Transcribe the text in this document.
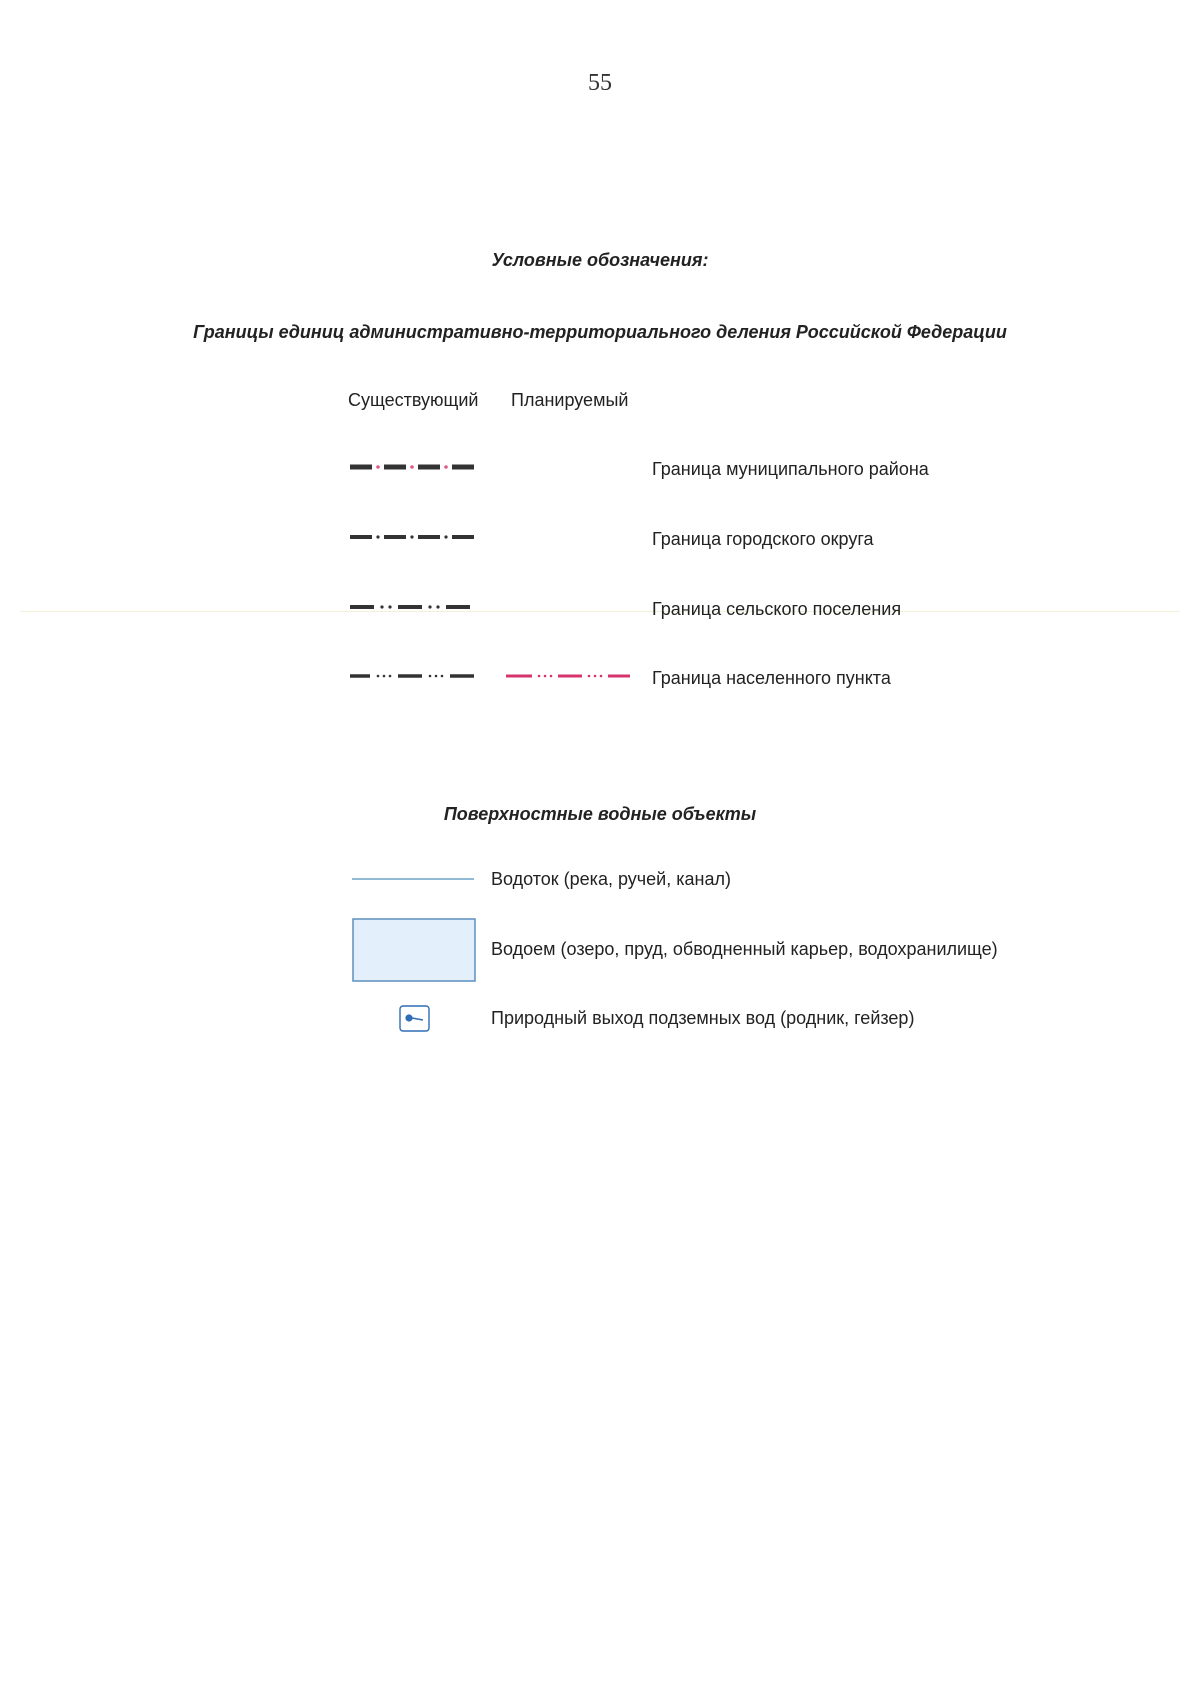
55

Условные обозначения:

Границы единиц административно-территориального деления Российской Федерации

Существующий Планируемый

Граница муниципального района
Граница городского округа
Граница сельского поселения
Граница населенного пункта

Поверхностные водные объекты

Водоток (река, ручей, канал)
Водоем (озеро, пруд, обводненный карьер, водохранилище)
Природный выход подземных вод (родник, гейзер)
